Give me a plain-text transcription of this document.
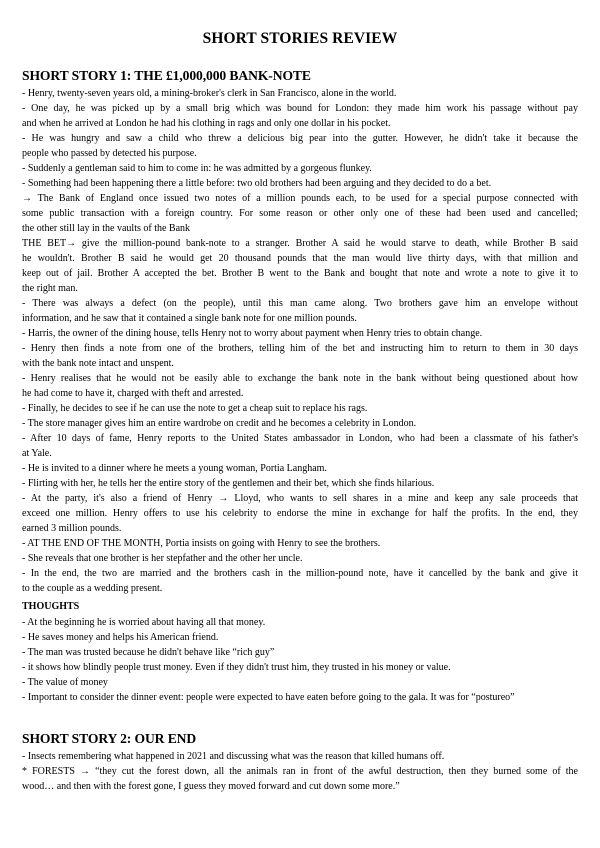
SHORT STORIES REVIEW
SHORT STORY 1: THE £1,000,000 BANK-NOTE
- Henry, twenty-seven years old, a mining-broker's clerk in San Francisco, alone in the world.
- One day, he was picked up by a small brig which was bound for London: they made him work his passage without pay
and when he arrived at London he had his clothing in rags and only one dollar in his pocket.
- He was hungry and saw a child who threw a delicious big pear into the gutter. However, he didn't take it because the
people who passed by detected his purpose.
- Suddenly a gentleman said to him to come in: he was admitted by a gorgeous flunkey.
- Something had been happening there a little before: two old brothers had been arguing and they decided to do a bet.
→ The Bank of England once issued two notes of a million pounds each, to be used for a special purpose connected with
some public transaction with a foreign country. For some reason or other only one of these had been used and cancelled;
the other still lay in the vaults of the Bank
THE BET→ give the million-pound bank-note to a stranger. Brother A said he would starve to death, while Brother B said
he wouldn't. Brother B said he would get 20 thousand pounds that the man would live thirty days, with that million and
keep out of jail. Brother A accepted the bet. Brother B went to the Bank and bought that note and wrote a note to give it to
the right man.
- There was always a defect (on the people), until this man came along. Two brothers gave him an envelope without
information, and he saw that it contained a single bank note for one million pounds.
- Harris, the owner of the dining house, tells Henry not to worry about payment when Henry tries to obtain change.
- Henry then finds a note from one of the brothers, telling him of the bet and instructing him to return to them in 30 days
with the bank note intact and unspent.
- Henry realises that he would not be easily able to exchange the bank note in the bank without being questioned about how
he had come to have it, charged with theft and arrested.
- Finally, he decides to see if he can use the note to get a cheap suit to replace his rags.
- The store manager gives him an entire wardrobe on credit and he becomes a celebrity in London.
- After 10 days of fame, Henry reports to the United States ambassador in London, who had been a classmate of his father's
at Yale.
- He is invited to a dinner where he meets a young woman, Portia Langham.
- Flirting with her, he tells her the entire story of the gentlemen and their bet, which she finds hilarious.
- At the party, it's also a friend of Henry → Lloyd, who wants to sell shares in a mine and keep any sale proceeds that
exceed one million. Henry offers to use his celebrity to endorse the mine in exchange for half the profits. In the end, they
earned 3 million pounds.
- AT THE END OF THE MONTH, Portia insists on going with Henry to see the brothers.
- She reveals that one brother is her stepfather and the other her uncle.
- In the end, the two are married and the brothers cash in the million-pound note, have it cancelled by the bank and give it
to the couple as a wedding present.
THOUGHTS
- At the beginning he is worried about having all that money.
- He saves money and helps his American friend.
- The man was trusted because he didn't behave like “rich guy”
- it shows how blindly people trust money. Even if they didn't trust him, they trusted in his money or value.
- The value of money
- Important to consider the dinner event: people were expected to have eaten before going to the gala. It was for “postureo”
SHORT STORY 2: OUR END
- Insects remembering what happened in 2021 and discussing what was the reason that killed humans off.
* FORESTS → “they cut the forest down, all the animals ran in front of the awful destruction, then they burned some of the
wood… and then with the forest gone, I guess they moved forward and cut down some more.”
